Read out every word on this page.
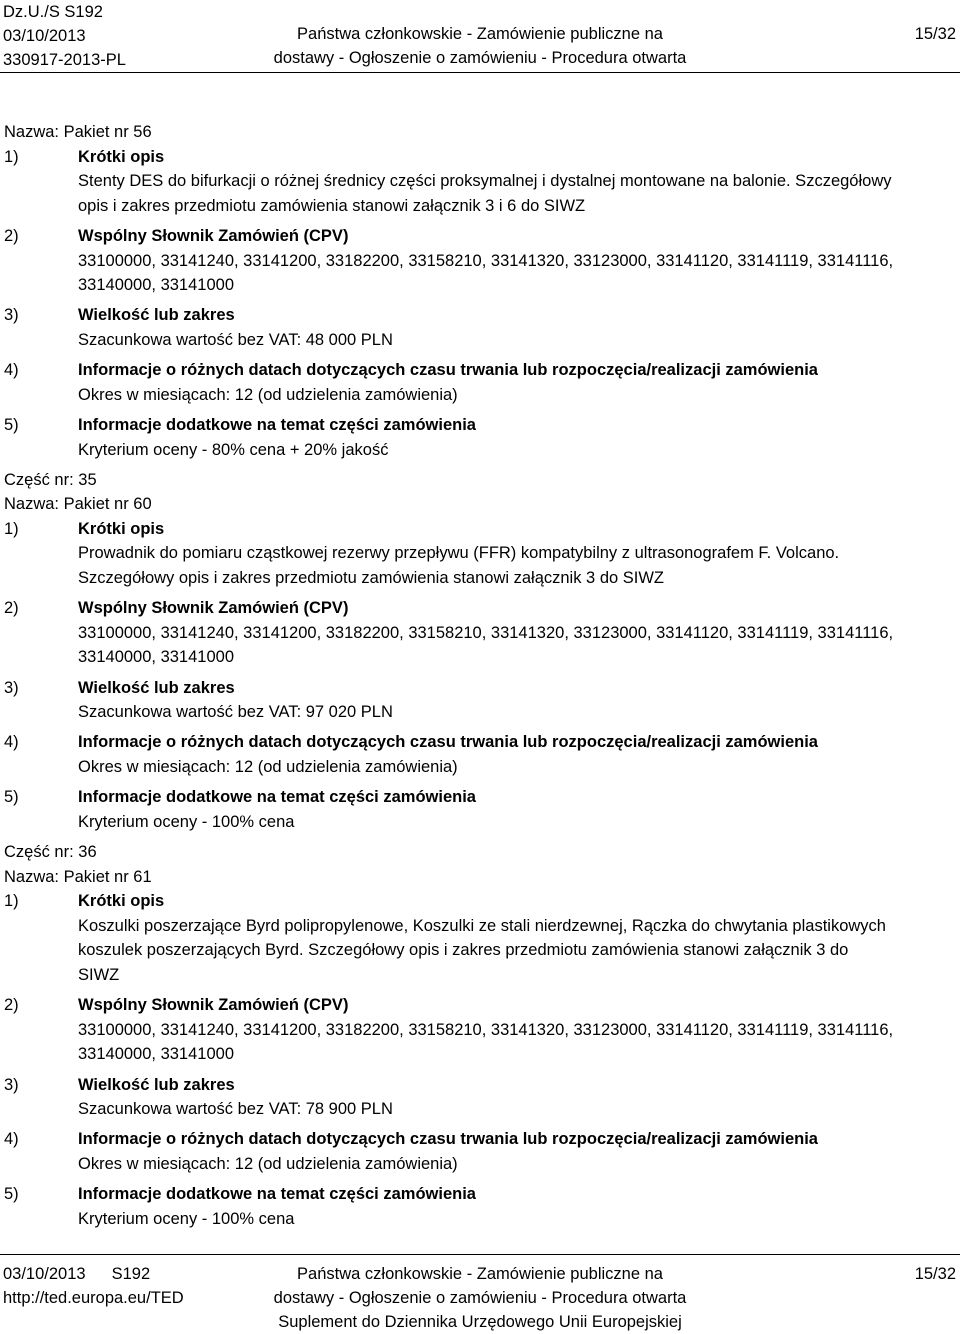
Dz.U./S S192
03/10/2013
330917-2013-PL
Państwa członkowskie - Zamówienie publiczne na
dostawy - Ogłoszenie o zamówieniu - Procedura otwarta
15/32

Nazwa: Pakiet nr 56

1)	Krótki opis
Stenty DES do bifurkacji o różnej średnicy części proksymalnej i dystalnej montowane na balonie. Szczegółowy
opis i zakres przedmiotu zamówienia stanowi załącznik 3 i 6 do SIWZ
2)	Wspólny Słownik Zamówień (CPV)
33100000, 33141240, 33141200, 33182200, 33158210, 33141320, 33123000, 33141120, 33141119, 33141116,
33140000, 33141000
3)	Wielkość lub zakres
Szacunkowa wartość bez VAT: 48 000 PLN
4)	Informacje o różnych datach dotyczących czasu trwania lub rozpoczęcia/realizacji zamówienia
Okres w miesiącach: 12 (od udzielenia zamówienia)
5)	Informacje dodatkowe na temat części zamówienia
Kryterium oceny - 80% cena + 20% jakość

Część nr: 35

Nazwa: Pakiet nr 60

1)	Krótki opis
Prowadnik do pomiaru cząstkowej rezerwy przepływu (FFR) kompatybilny z ultrasonografem F. Volcano.
Szczegółowy opis i zakres przedmiotu zamówienia stanowi załącznik 3 do SIWZ
2)	Wspólny Słownik Zamówień (CPV)
33100000, 33141240, 33141200, 33182200, 33158210, 33141320, 33123000, 33141120, 33141119, 33141116,
33140000, 33141000
3)	Wielkość lub zakres
Szacunkowa wartość bez VAT: 97 020 PLN
4)	Informacje o różnych datach dotyczących czasu trwania lub rozpoczęcia/realizacji zamówienia
Okres w miesiącach: 12 (od udzielenia zamówienia)
5)	Informacje dodatkowe na temat części zamówienia
Kryterium oceny - 100% cena

Część nr: 36

Nazwa: Pakiet nr 61

1)	Krótki opis
Koszulki poszerzające Byrd polipropylenowe, Koszulki ze stali nierdzewnej, Rączka do chwytania plastikowych
koszulek poszerzających Byrd. Szczegółowy opis i zakres przedmiotu zamówienia stanowi załącznik 3 do
SIWZ
2)	Wspólny Słownik Zamówień (CPV)
33100000, 33141240, 33141200, 33182200, 33158210, 33141320, 33123000, 33141120, 33141119, 33141116,
33140000, 33141000
3)	Wielkość lub zakres
Szacunkowa wartość bez VAT: 78 900 PLN
4)	Informacje o różnych datach dotyczących czasu trwania lub rozpoczęcia/realizacji zamówienia
Okres w miesiącach: 12 (od udzielenia zamówienia)
5)	Informacje dodatkowe na temat części zamówienia
Kryterium oceny - 100% cena
03/10/2013 S192
http://ted.europa.eu/TED
Państwa członkowskie - Zamówienie publiczne na
dostawy - Ogłoszenie o zamówieniu - Procedura otwarta
Suplement do Dziennika Urzędowego Unii Europejskiej
15/32
